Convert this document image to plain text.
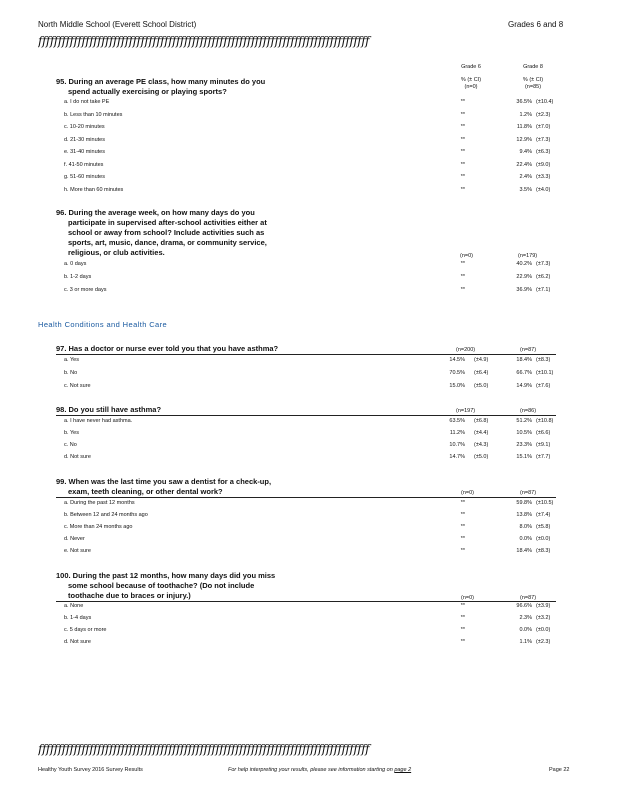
North Middle School (Everett School District)	Grades 6 and 8
ffffffffffffffffffffffffffffffffffffffffffffffffffffffffffffffffffffffffffffffffffff
Grade 6
% (± CI)
(n=0)
Grade 8
% (± CI)
(n=85)
95. During an average PE class, how many minutes do you
spend actually exercising or playing sports?
a. I do not take PE	**	36.5% (±10.4)
b. Less than 10 minutes	**	1.2% (±2.3)
c. 10-20 minutes	**	11.8% (±7.0)
d. 21-30 minutes	**	12.9% (±7.3)
e. 31-40 minutes	**	9.4% (±6.3)
f. 41-50 minutes	**	22.4% (±9.0)
g. 51-60 minutes	**	2.4% (±3.3)
h. More than 60 minutes	**	3.5% (±4.0)
96. During the average week, on how many days do you
participate in supervised after-school activities either at
school or away from school? Include activities such as
sports, art, music, dance, drama, or community service,
religious, or club activities.	(n=0)	(n=179)
a. 0 days	**	40.2% (±7.3)
b. 1-2 days	**	22.9% (±6.2)
c. 3 or more days	**	36.9% (±7.1)
Health Conditions and Health Care
97. Has a doctor or nurse ever told you that you have asthma?	(n=200)	(n=87)
a. Yes	14.5% (±4.9)	18.4% (±8.3)
b. No	70.5% (±6.4)	66.7% (±10.1)
c. Not sure	15.0% (±5.0)	14.9% (±7.6)
98. Do you still have asthma?	(n=197)	(n=86)
a. I have never had asthma.	63.5% (±6.8)	51.2% (±10.8)
b. Yes	11.2% (±4.4)	10.5% (±6.6)
c. No	10.7% (±4.3)	23.3% (±9.1)
d. Not sure	14.7% (±5.0)	15.1% (±7.7)
99. When was the last time you saw a dentist for a check-up,
exam, teeth cleaning, or other dental work?	(n=0)	(n=87)
a. During the past 12 months	**	59.8% (±10.5)
b. Between 12 and 24 months ago	**	13.8% (±7.4)
c. More than 24 months ago	**	8.0% (±5.8)
d. Never	**	0.0% (±0.0)
e. Not sure	**	18.4% (±8.3)
100. During the past 12 months, how many days did you miss
some school because of toothache? (Do not include
toothache due to braces or injury.)	(n=0)	(n=87)
a. None	**	96.6% (±3.9)
b. 1-4 days	**	2.3% (±3.2)
c. 5 days or more	**	0.0% (±0.0)
d. Not sure	**	1.1% (±2.3)
ffffffffffffffffffffffffffffffffffffffffffffffffffffffffffffffffffffffffffffffffffff
Healthy Youth Survey 2016 Survey Results	For help interpreting your results, please see information starting on page 2	Page 22
